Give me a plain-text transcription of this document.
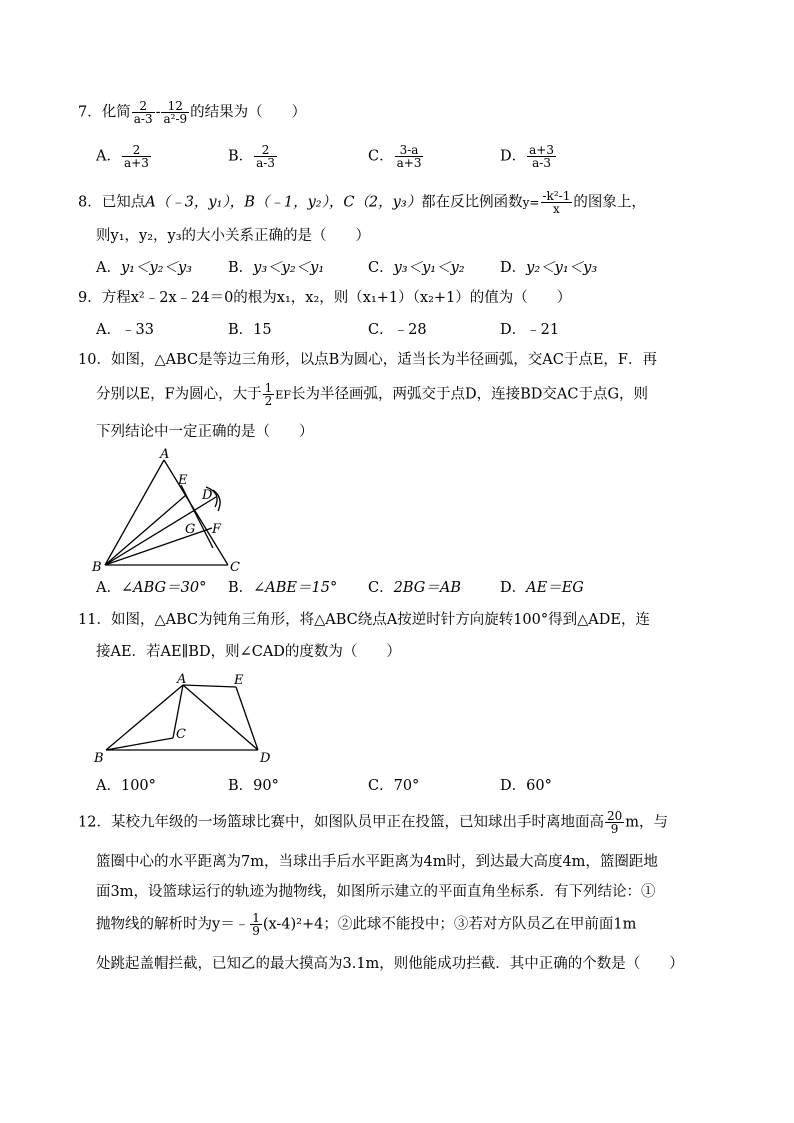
7．化简 $\frac{2}{a-3} - \frac{12}{\text{a²-9}}$ 的结果为（　　）
A． $\frac{2}{a+3}$	B． $\frac{2}{a-3}$	C． $\frac{3-a}{a+3}$	D． $\frac{a+3}{a-3}$
8．已知点A（﹣3，y₁），B（﹣1，y₂），C（2，y₃）都在反比例函数$y= \frac{\text{-k²-1}}{x}$ 的图象上，
则y₁，y₂，y₃的大小关系正确的是（　　）
A．y₁＜y₂＜y₃ B．y₃＜y₂＜y₁	C．y₃＜y₁＜y₂ D．y₂＜y₁＜y₃
9．方程x²﹣2x﹣24＝0的根为x₁，x₂，则（x₁+1）（x₂+1）的值为（　　）
A．﹣33	B．15	C．﹣28	D．﹣21
10．如图，△ABC是等边三角形，以点B为圆心，适当长为半径画弧，交AC于点E，F．再
分别以E，F为圆心，大于 $\frac{1}{2}$ EF长为半径画弧，两弧交于点D，连接BD交AC于点G，则
下列结论中一定正确的是（　　）
A
B	C
D
E
F
G
A．∠ABG＝30° B．∠ABE＝15° C．2BG＝AB	D．AE＝EG
11．如图，△ABC为钝角三角形，将△ABC绕点A按逆时针方向旋转100°得到△ADE，连
接AE．若AE∥BD，则∠CAD的度数为（　　）
A
B
C
D
E
A．100°	B．90°	C．70°	D．60°
12．某校九年级的一场篮球比赛中，如图队员甲正在投篮，已知球出手时离地面高 $\frac{20}{9}$ m，与
篮圈中心的水平距离为7m，当球出手后水平距离为4m时，到达最大高度4m，篮圈距地
面3m，设篮球运行的轨迹为抛物线，如图所示建立的平面直角坐标系．有下列结论：①
抛物线的解析时为y＝﹣ $\frac{1}{9} (x-4)^2+4$；②此球不能投中；③若对方队员乙在甲前面1m
处跳起盖帽拦截，已知乙的最大摸高为3.1m，则他能成功拦截．其中正确的个数是（　　）
